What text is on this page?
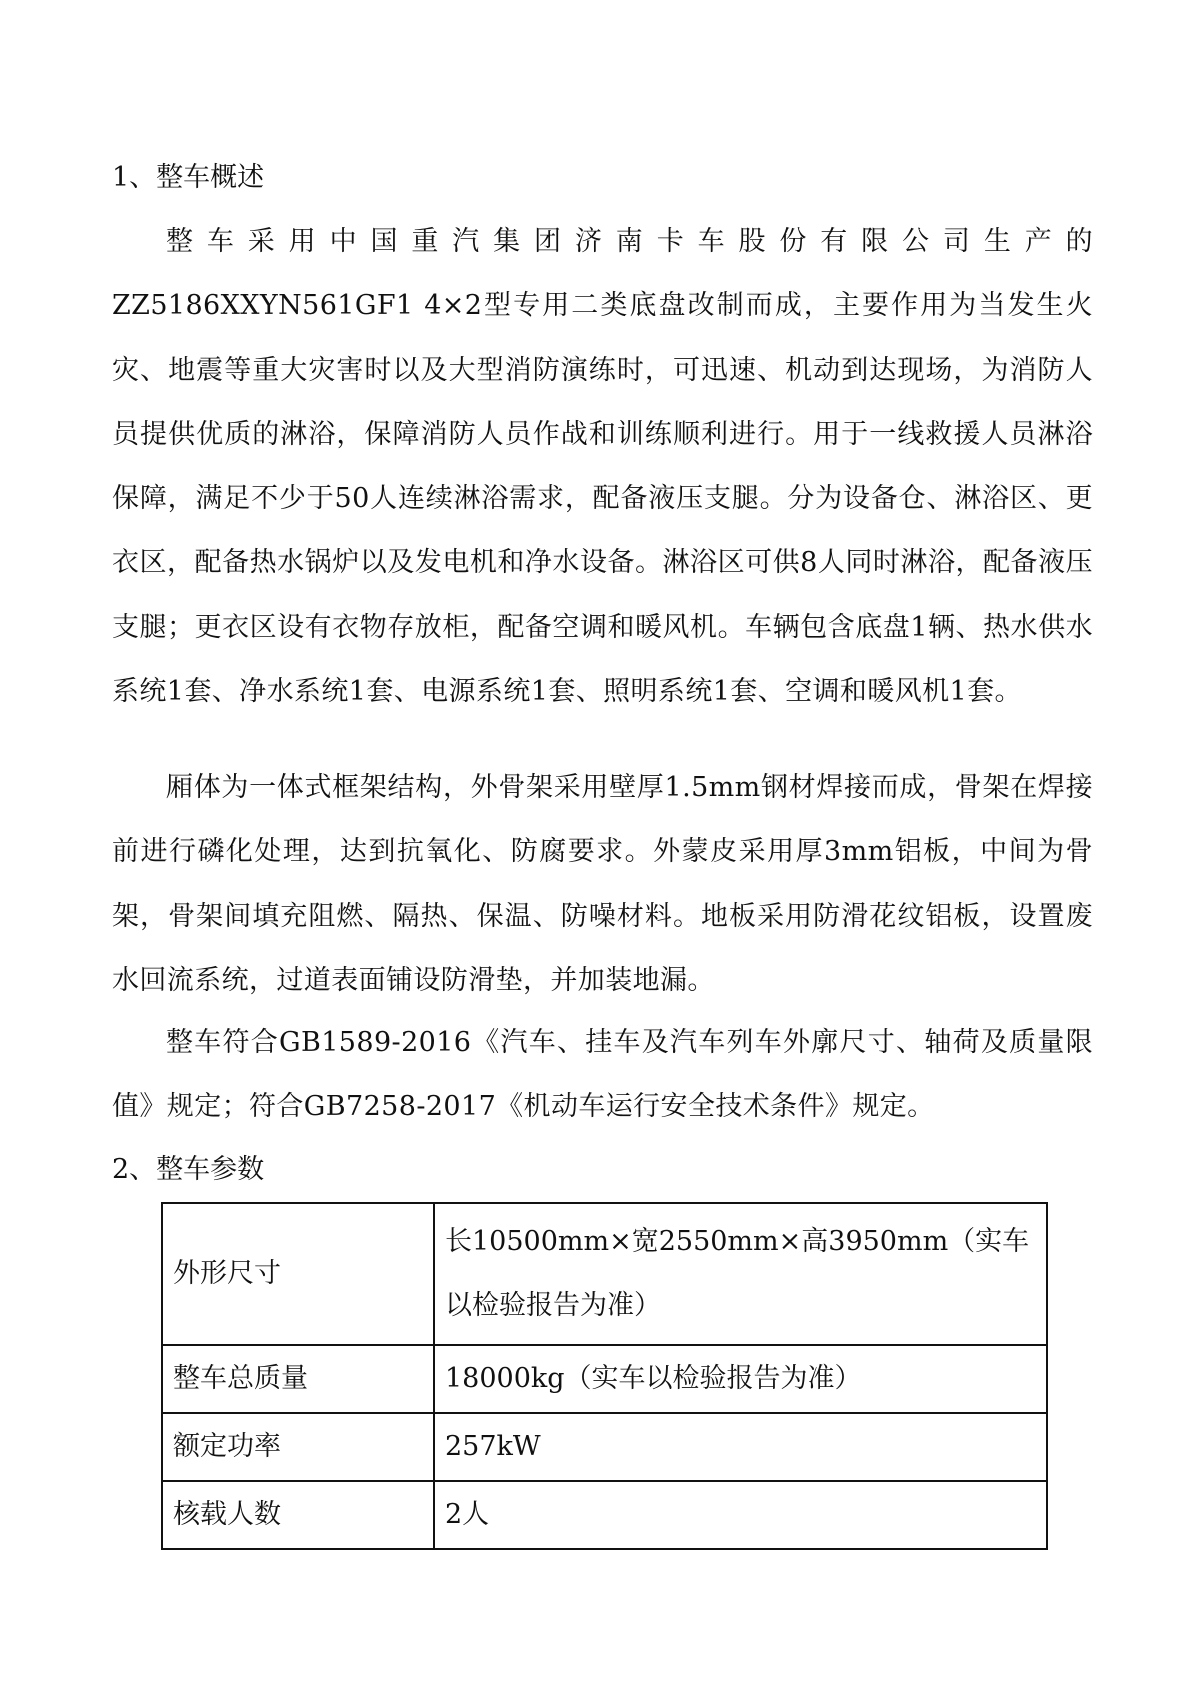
1、整车概述

整车采用中国重汽集团济南卡车股份有限公司生产的ZZ5186XXYN561GF1 4×2型专用二类底盘改制而成，主要作用为当发生火灾、地震等重大灾害时以及大型消防演练时，可迅速、机动到达现场，为消防人员提供优质的淋浴，保障消防人员作战和训练顺利进行。用于一线救援人员淋浴保障，满足不少于50人连续淋浴需求，配备液压支腿。分为设备仓、淋浴区、更衣区，配备热水锅炉以及发电机和净水设备。淋浴区可供8人同时淋浴，配备液压支腿；更衣区设有衣物存放柜，配备空调和暖风机。车辆包含底盘1辆、热水供水系统1套、净水系统1套、电源系统1套、照明系统1套、空调和暖风机1套。

厢体为一体式框架结构，外骨架采用壁厚1.5mm钢材焊接而成，骨架在焊接前进行磷化处理，达到抗氧化、防腐要求。外蒙皮采用厚3mm铝板，中间为骨架，骨架间填充阻燃、隔热、保温、防噪材料。地板采用防滑花纹铝板，设置废水回流系统，过道表面铺设防滑垫，并加装地漏。

整车符合GB1589-2016《汽车、挂车及汽车列车外廓尺寸、轴荷及质量限值》规定；符合GB7258-2017《机动车运行安全技术条件》规定。

2、整车参数
外形尺寸	长10500mm×宽2550mm×高3950mm（实车以检验报告为准）
整车总质量	18000kg（实车以检验报告为准）
额定功率	257kW
核载人数	2人
